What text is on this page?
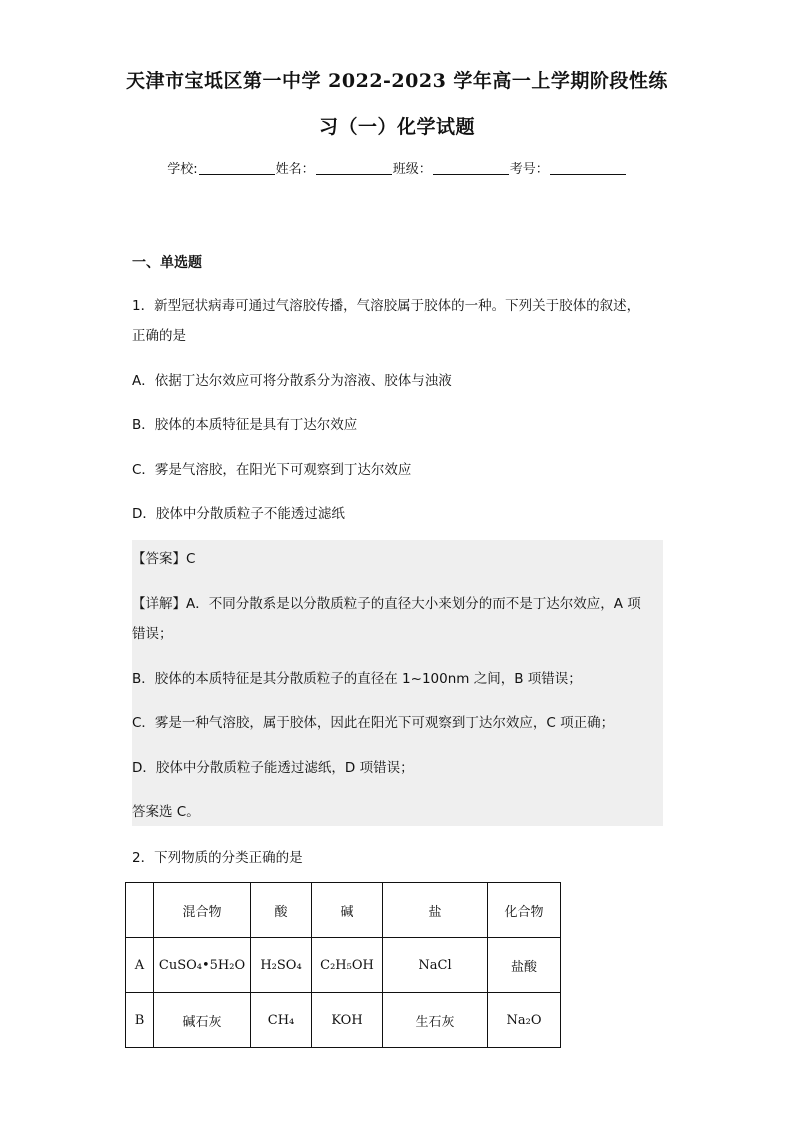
天津市宝坻区第一中学 2022-2023 学年高一上学期阶段性练
习（一）化学试题
学校:	姓名：	班级：	考号：
一、单选题
1．新型冠状病毒可通过气溶胶传播，气溶胶属于胶体的一种。下列关于胶体的叙述，
正确的是
A．依据丁达尔效应可将分散系分为溶液、胶体与浊液
B．胶体的本质特征是具有丁达尔效应
C．雾是气溶胶，在阳光下可观察到丁达尔效应
D．胶体中分散质粒子不能透过滤纸
【答案】C
【详解】A．不同分散系是以分散质粒子的直径大小来划分的而不是丁达尔效应，A 项
错误；
B．胶体的本质特征是其分散质粒子的直径在 1~100nm 之间，B 项错误；
C．雾是一种气溶胶，属于胶体，因此在阳光下可观察到丁达尔效应，C 项正确；
D．胶体中分散质粒子能透过滤纸，D 项错误；
答案选 C。
2．下列物质的分类正确的是
	混合物	酸	碱	盐	化合物
A	CuSO₄•5H₂O	H₂SO₄	C₂H₅OH	NaCl	盐酸
B	碱石灰	CH₄	KOH	生石灰	Na₂O
